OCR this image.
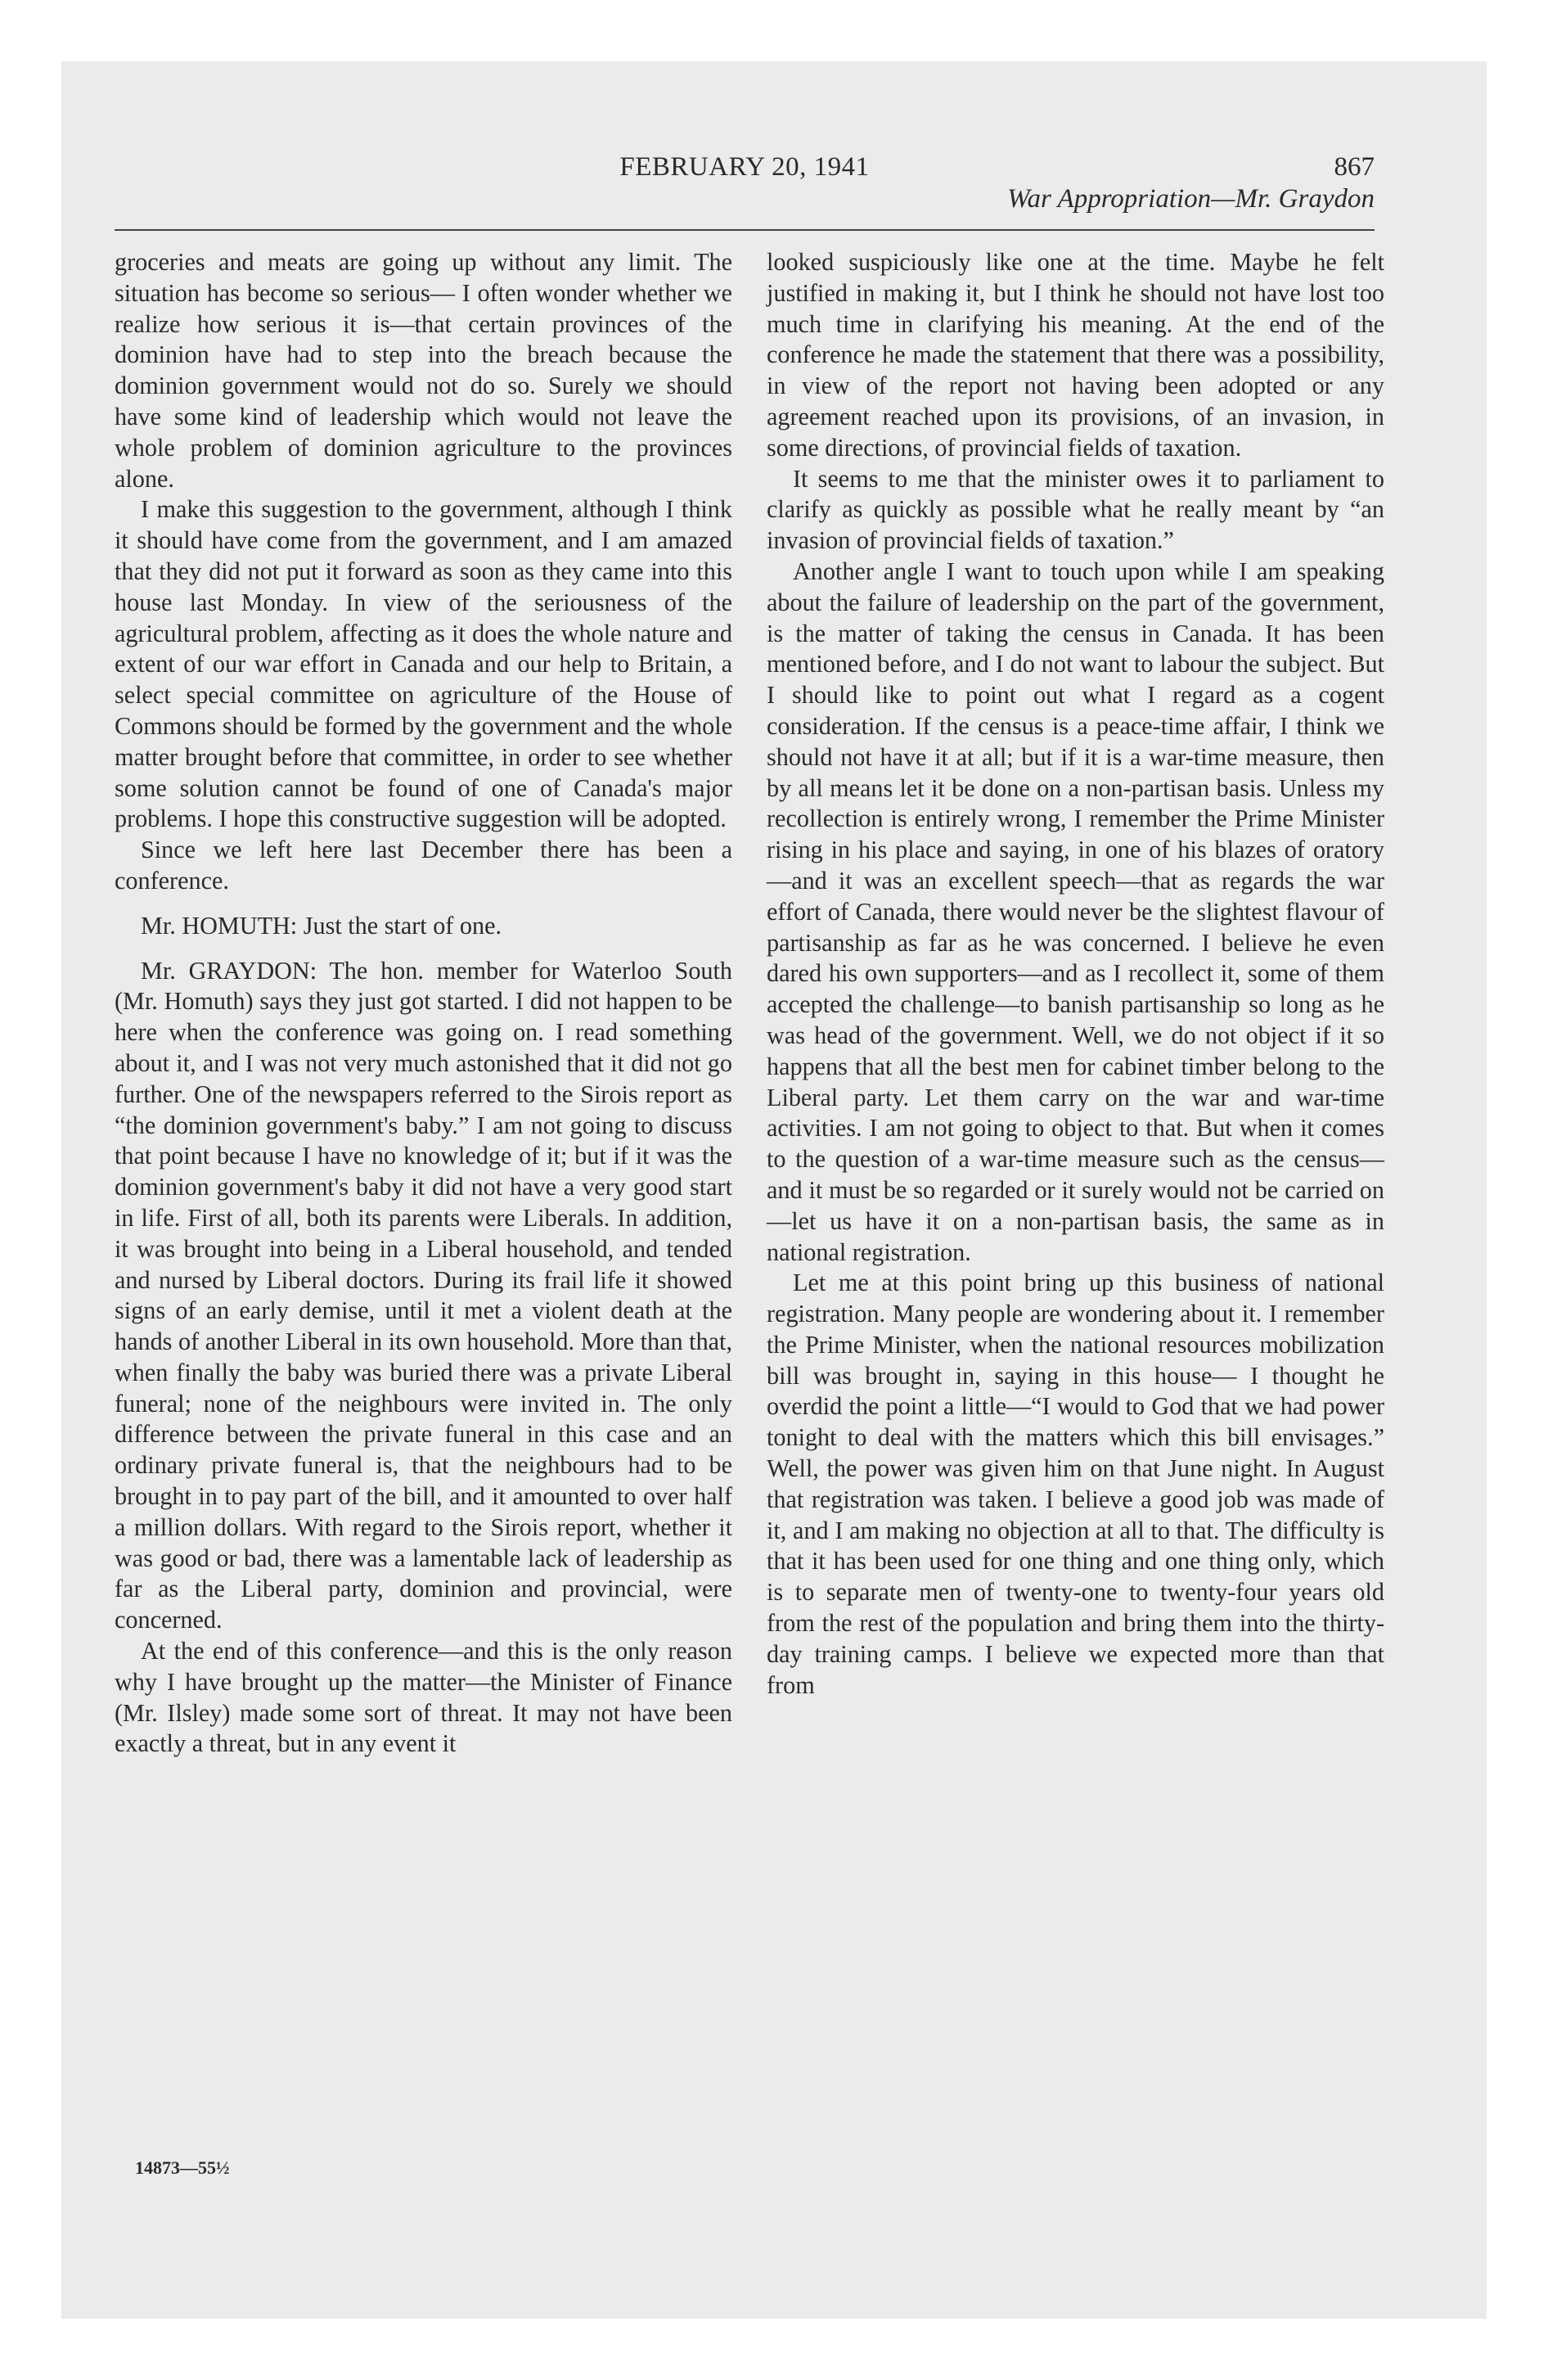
FEBRUARY 20, 1941	867
War Appropriation—Mr. Graydon

groceries and meats are going up without any limit. The situation has become so serious— I often wonder whether we realize how serious it is—that certain provinces of the dominion have had to step into the breach because the dominion government would not do so. Surely we should have some kind of leadership which would not leave the whole problem of dominion agriculture to the provinces alone.

I make this suggestion to the government, although I think it should have come from the government, and I am amazed that they did not put it forward as soon as they came into this house last Monday. In view of the seriousness of the agricultural problem, affecting as it does the whole nature and extent of our war effort in Canada and our help to Britain, a select special committee on agriculture of the House of Commons should be formed by the government and the whole matter brought before that committee, in order to see whether some solution cannot be found of one of Canada's major problems. I hope this constructive suggestion will be adopted.

Since we left here last December there has been a conference.

Mr. HOMUTH: Just the start of one.

Mr. GRAYDON: The hon. member for Waterloo South (Mr. Homuth) says they just got started. I did not happen to be here when the conference was going on. I read something about it, and I was not very much astonished that it did not go further. One of the newspapers referred to the Sirois report as “the dominion government's baby.” I am not going to discuss that point because I have no knowledge of it; but if it was the dominion government's baby it did not have a very good start in life. First of all, both its parents were Liberals. In addition, it was brought into being in a Liberal household, and tended and nursed by Liberal doctors. During its frail life it showed signs of an early demise, until it met a violent death at the hands of another Liberal in its own household. More than that, when finally the baby was buried there was a private Liberal funeral; none of the neighbours were invited in. The only difference between the private funeral in this case and an ordinary private funeral is, that the neighbours had to be brought in to pay part of the bill, and it amounted to over half a million dollars. With regard to the Sirois report, whether it was good or bad, there was a lamentable lack of leadership as far as the Liberal party, dominion and provincial, were concerned.

At the end of this conference—and this is the only reason why I have brought up the matter—the Minister of Finance (Mr. Ilsley) made some sort of threat. It may not have been exactly a threat, but in any event it

looked suspiciously like one at the time. Maybe he felt justified in making it, but I think he should not have lost too much time in clarifying his meaning. At the end of the conference he made the statement that there was a possibility, in view of the report not having been adopted or any agreement reached upon its provisions, of an invasion, in some directions, of provincial fields of taxation.

It seems to me that the minister owes it to parliament to clarify as quickly as possible what he really meant by “an invasion of provincial fields of taxation.”

Another angle I want to touch upon while I am speaking about the failure of leadership on the part of the government, is the matter of taking the census in Canada. It has been mentioned before, and I do not want to labour the subject. But I should like to point out what I regard as a cogent consideration. If the census is a peace-time affair, I think we should not have it at all; but if it is a war-time measure, then by all means let it be done on a non-partisan basis. Unless my recollection is entirely wrong, I remember the Prime Minister rising in his place and saying, in one of his blazes of oratory—and it was an excellent speech—that as regards the war effort of Canada, there would never be the slightest flavour of partisanship as far as he was concerned. I believe he even dared his own supporters—and as I recollect it, some of them accepted the challenge—to banish partisanship so long as he was head of the government. Well, we do not object if it so happens that all the best men for cabinet timber belong to the Liberal party. Let them carry on the war and war-time activities. I am not going to object to that. But when it comes to the question of a war-time measure such as the census—and it must be so regarded or it surely would not be carried on—let us have it on a non-partisan basis, the same as in national registration.

Let me at this point bring up this business of national registration. Many people are wondering about it. I remember the Prime Minister, when the national resources mobilization bill was brought in, saying in this house— I thought he overdid the point a little—“I would to God that we had power tonight to deal with the matters which this bill envisages.” Well, the power was given him on that June night. In August that registration was taken. I believe a good job was made of it, and I am making no objection at all to that. The difficulty is that it has been used for one thing and one thing only, which is to separate men of twenty-one to twenty-four years old from the rest of the population and bring them into the thirty-day training camps. I believe we expected more than that from

14873—55½
